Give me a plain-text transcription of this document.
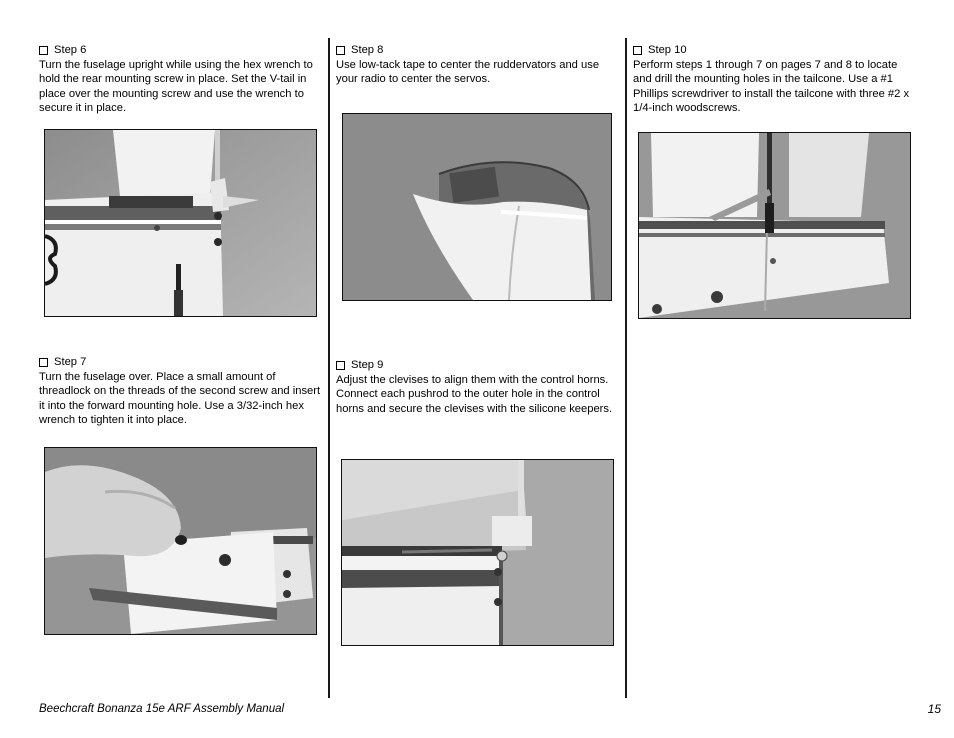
Step 6

Turn the fuselage upright while using the hex wrench to hold the rear mounting screw in place. Set the V-tail in place over the mounting screw and use the wrench to secure it in place.

Step 7

Turn the fuselage over. Place a small amount of threadlock on the threads of the second screw and insert it into the forward mounting hole. Use a 3/32-inch hex wrench to tighten it into place.

Step 8

Use low-tack tape to center the ruddervators and use your radio to center the servos.

Step 9

Adjust the clevises to align them with the control horns. Connect each pushrod to the outer hole in the control horns and secure the clevises with the silicone keepers.

Step 10

Perform steps 1 through 7 on pages 7 and 8 to locate and drill the mounting holes in the tailcone. Use a #1 Phillips screwdriver to install the tailcone with three #2 x 1/4-inch woodscrews.

Beechcraft Bonanza 15e ARF Assembly Manual	15
